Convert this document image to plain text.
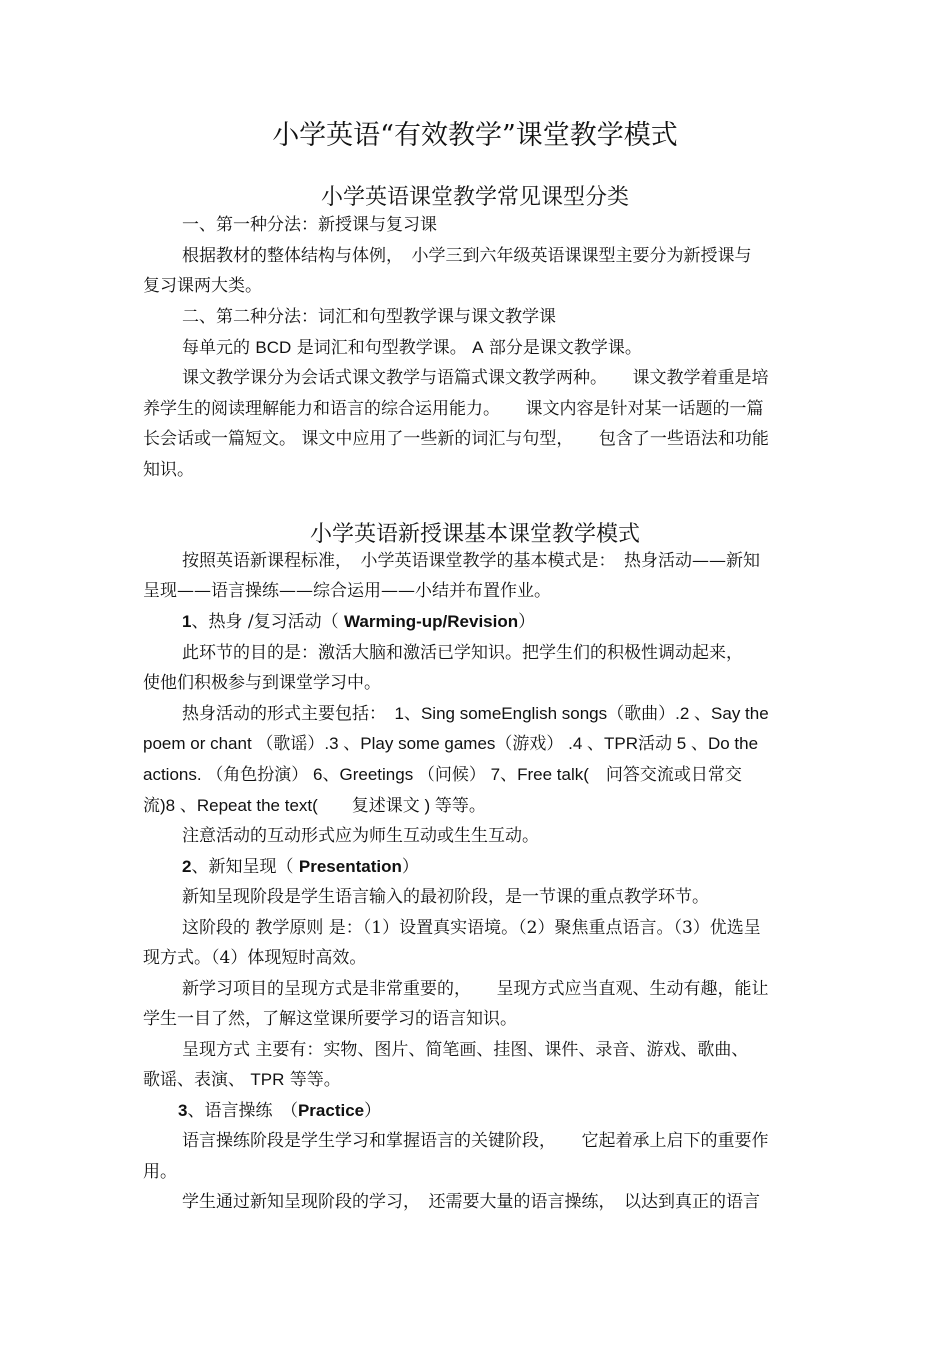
小学英语“有效教学”课堂教学模式
小学英语课堂教学常见课型分类
一、第一种分法：新授课与复习课
根据教材的整体结构与体例，　小学三到六年级英语课课型主要分为新授课与
复习课两大类。
二、第二种分法：词汇和句型教学课与课文教学课
每单元的 BCD 是词汇和句型教学课。 A 部分是课文教学课。
课文教学课分为会话式课文教学与语篇式课文教学两种。　　课文教学着重是培
养学生的阅读理解能力和语言的综合运用能力。　　课文内容是针对某一话题的一篇
长会话或一篇短文。 课文中应用了一些新的词汇与句型，　　包含了一些语法和功能
知识。
小学英语新授课基本课堂教学模式
按照英语新课程标准，　小学英语课堂教学的基本模式是：　热身活动——新知
呈现——语言操练——综合运用——小结并布置作业。
1、热身 /复习活动（ Warming-up/Revision）
此环节的目的是：激活大脑和激活已学知识。把学生们的积极性调动起来，
使他们积极参与到课堂学习中。
热身活动的形式主要包括：　1、Sing someEnglish songs（歌曲）.2 、Say the
poem or chant （歌谣）.3 、Play some games（游戏） .4 、TPR活动 5 、Do the
actions. （角色扮演） 6、Greetings （问候） 7、Free talk(　问答交流或日常交
流)8 、Repeat the text(　　复述课文 ) 等等。
注意活动的互动形式应为师生互动或生生互动。
2、新知呈现（ Presentation）
新知呈现阶段是学生语言输入的最初阶段，是一节课的重点教学环节。
这阶段的 教学原则 是：（1）设置真实语境。（2）聚焦重点语言。（3）优选呈
现方式。（4）体现短时高效。
新学习项目的呈现方式是非常重要的，　　呈现方式应当直观、生动有趣，能让
学生一目了然，了解这堂课所要学习的语言知识。
呈现方式 主要有：实物、图片、简笔画、挂图、课件、录音、游戏、歌曲、
歌谣、表演、 TPR 等等。
3、语言操练　（Practice）
语言操练阶段是学生学习和掌握语言的关键阶段，　　它起着承上启下的重要作
用。
学生通过新知呈现阶段的学习，　还需要大量的语言操练，　以达到真正的语言
